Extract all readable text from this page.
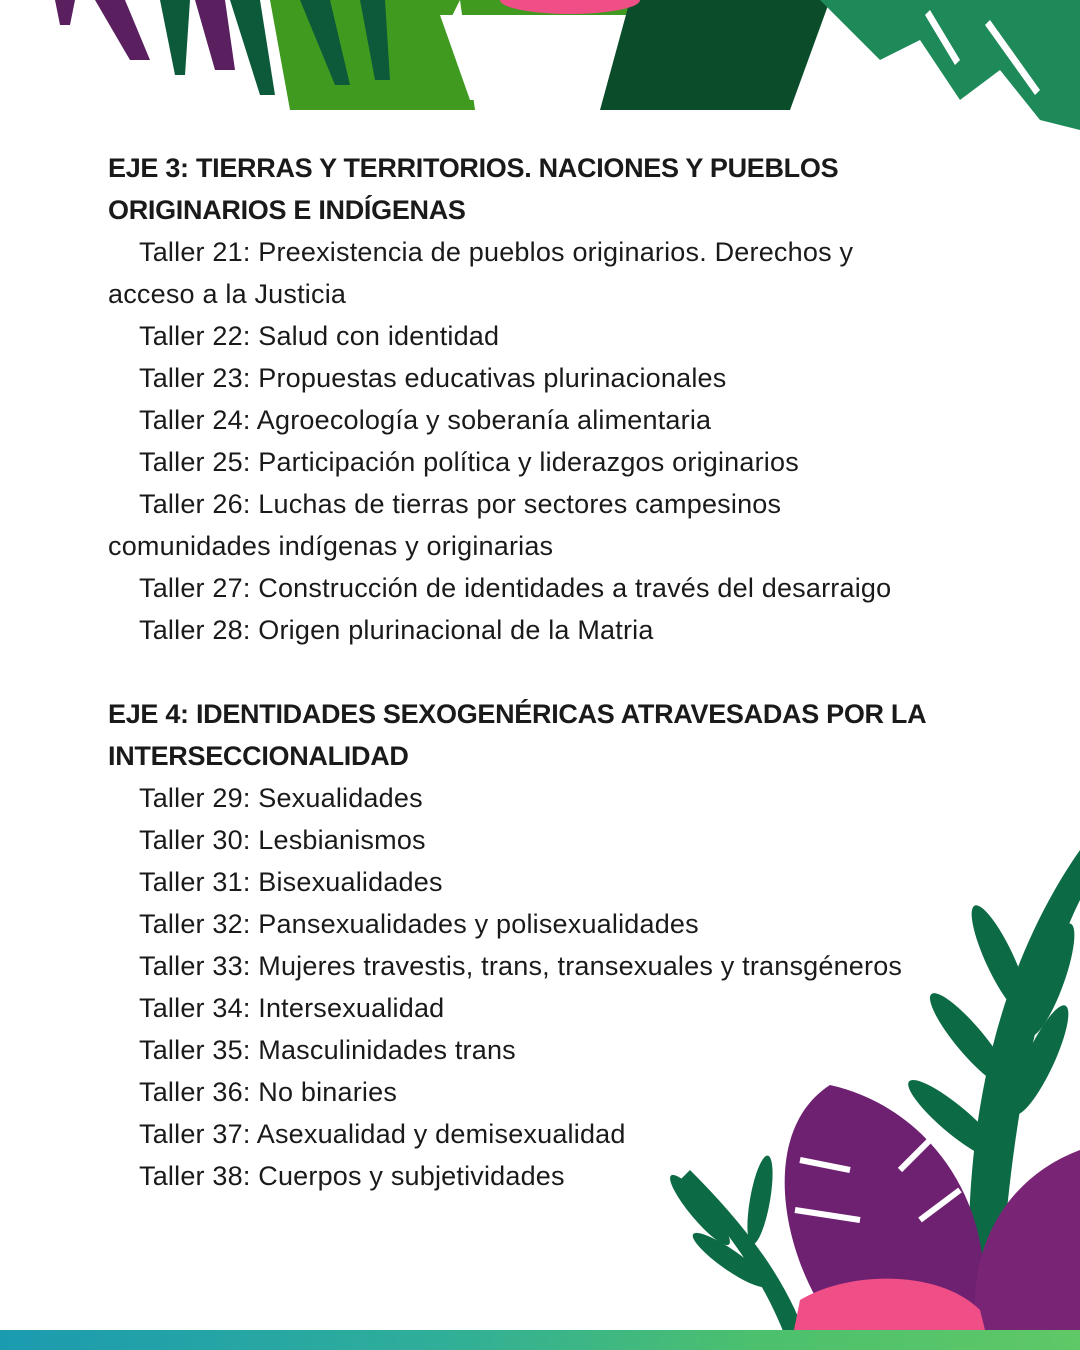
EJE 3: TIERRAS Y TERRITORIOS. NACIONES Y PUEBLOS
ORIGINARIOS E INDÍGENAS
Taller 21: Preexistencia de pueblos originarios. Derechos y acceso a la Justicia
Taller 22: Salud con identidad
Taller 23: Propuestas educativas plurinacionales
Taller 24: Agroecología y soberanía alimentaria
Taller 25: Participación política y liderazgos originarios
Taller 26: Luchas de tierras por sectores campesinos comunidades indígenas y originarias
Taller 27: Construcción de identidades a través del desarraigo
Taller 28: Origen plurinacional de la Matria
EJE 4: IDENTIDADES SEXOGENÉRICAS ATRAVESADAS POR LA
INTERSECCIONALIDAD
Taller 29: Sexualidades
Taller 30: Lesbianismos
Taller 31: Bisexualidades
Taller 32: Pansexualidades y polisexualidades
Taller 33: Mujeres travestis, trans, transexuales y transgéneros
Taller 34: Intersexualidad
Taller 35: Masculinidades trans
Taller 36: No binaries
Taller 37: Asexualidad y demisexualidad
Taller 38: Cuerpos y subjetividades
